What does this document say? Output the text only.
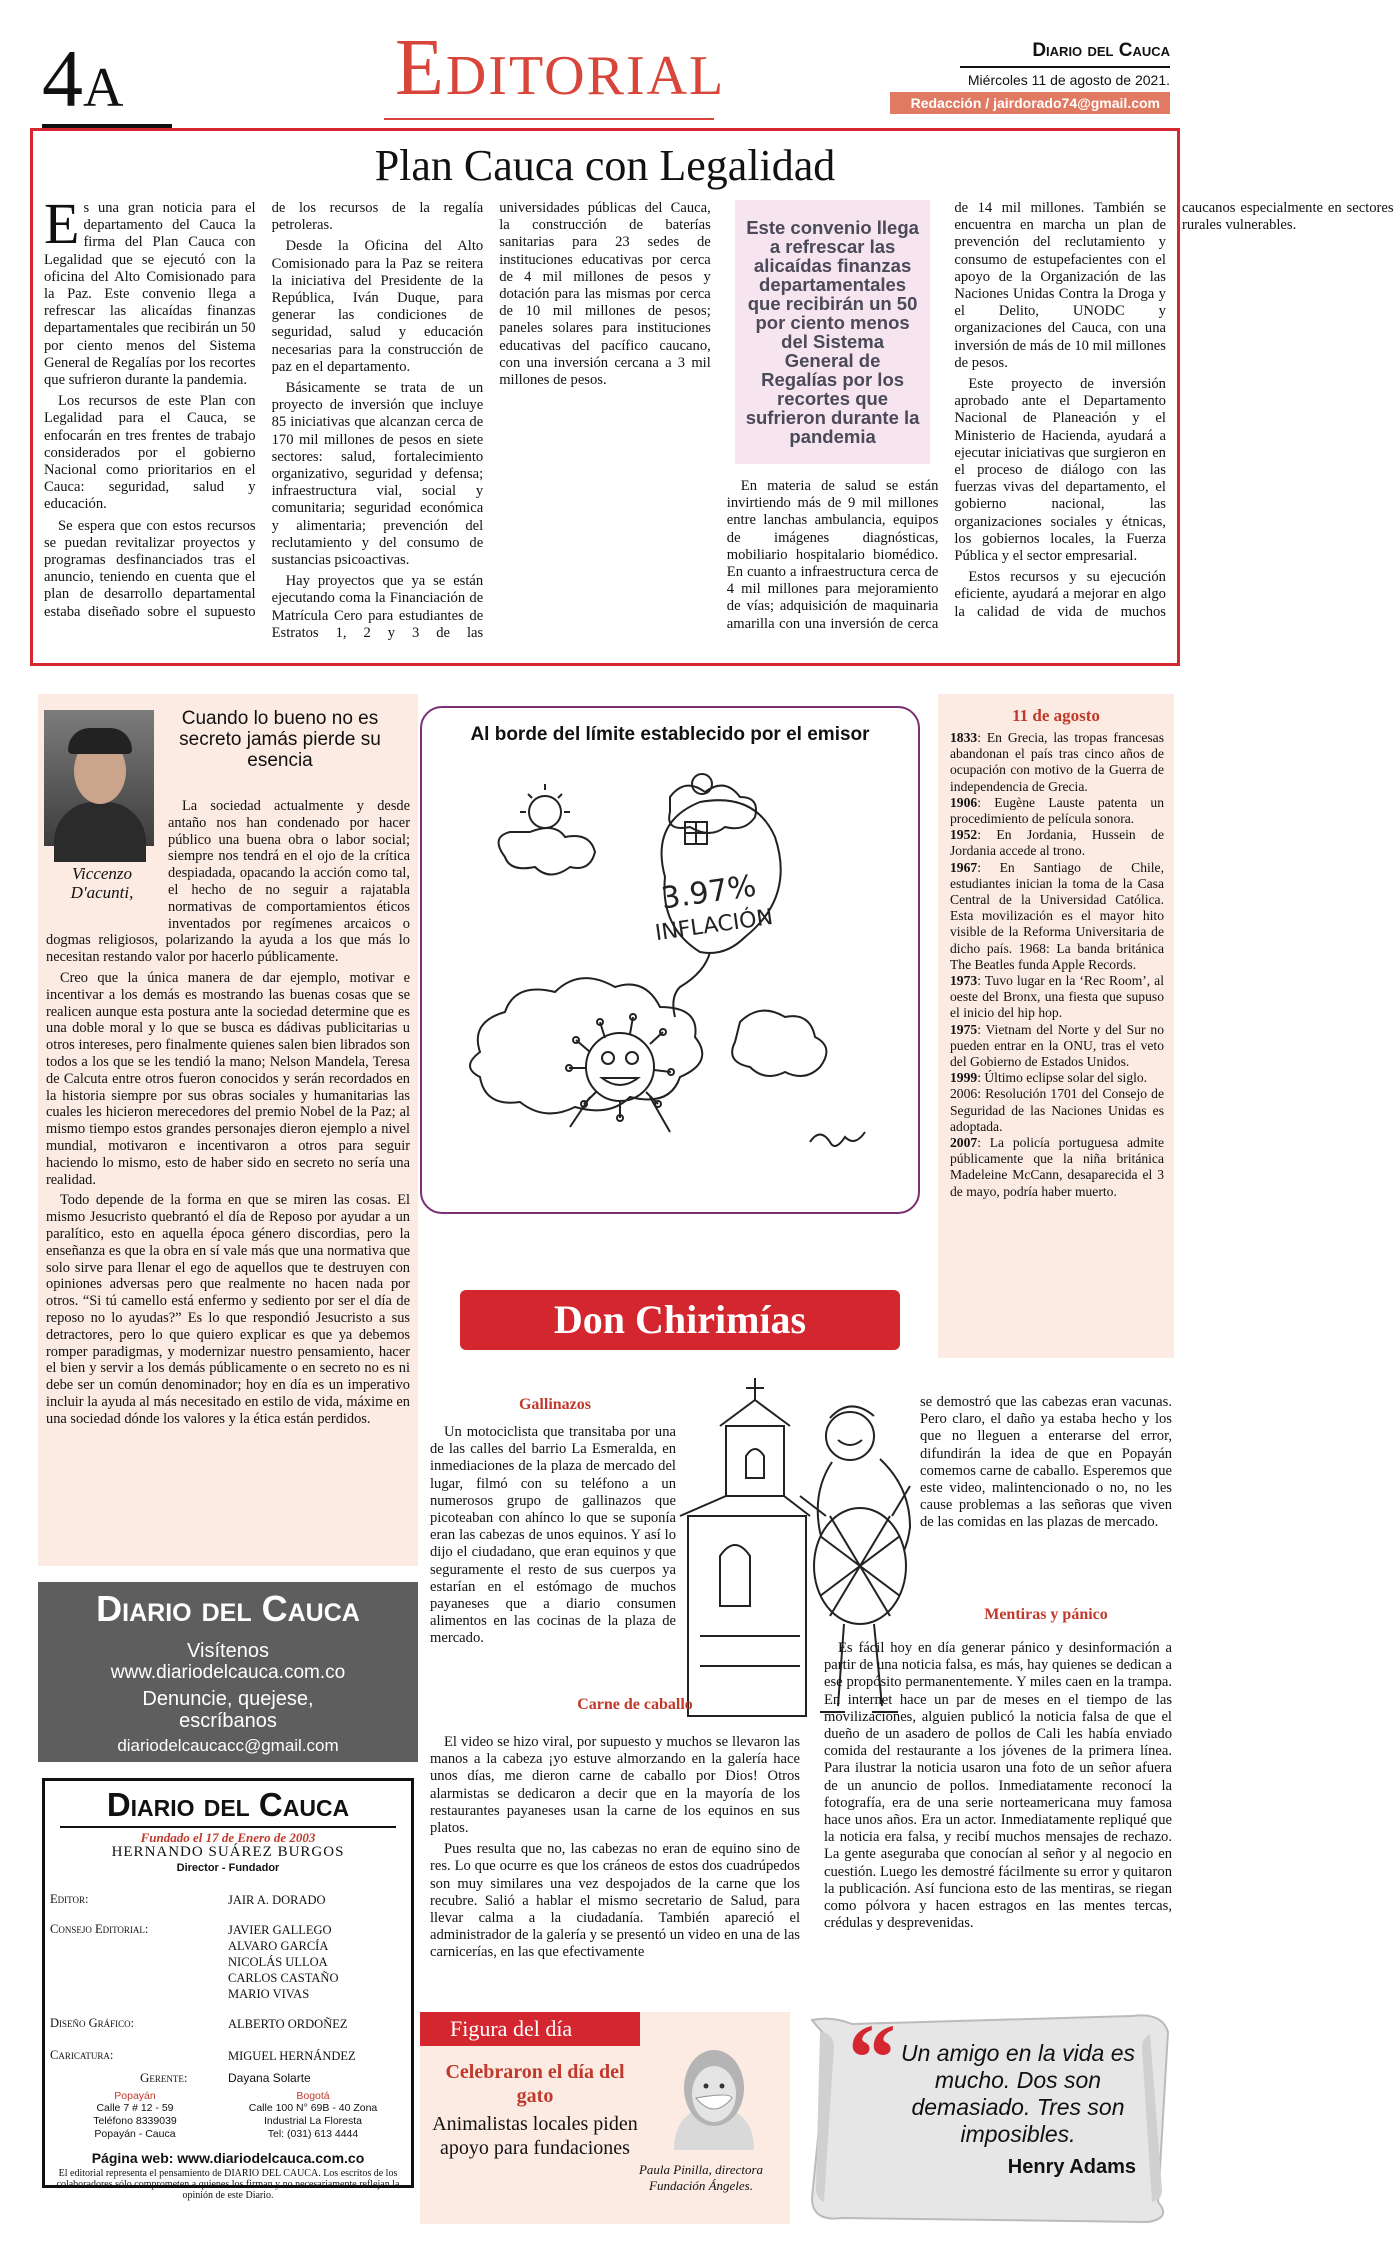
4A	Editorial	Diario del Cauca
Miércoles 11 de agosto de 2021.
Redacción / jairdorado74@gmail.com
Plan Cauca con Legalidad

Es una gran noticia para el departamento del Cauca la firma del Plan Cauca con Legalidad que se ejecutó con la oficina del Alto Comisionado para la Paz. Este convenio llega a refrescar las alicaídas finanzas departamentales que recibirán un 50 por ciento menos del Sistema General de Regalías por los recortes que sufrieron durante la pandemia.

Los recursos de este Plan con Legalidad para el Cauca, se enfocarán en tres frentes de trabajo considerados por el gobierno Nacional como prioritarios en el Cauca: seguridad, salud y educación.

Se espera que con estos recursos se puedan revitalizar proyectos y programas desfinanciados tras el anuncio, teniendo en cuenta que el plan de desarrollo departamental estaba diseñado sobre el supuesto de los recursos de la regalía petroleras.

Desde la Oficina del Alto Comisionado para la Paz se reitera la iniciativa del Presidente de la República, Iván Duque, para generar las condiciones de seguridad, salud y educación necesarias para la construcción de paz en el departamento.

Básicamente se trata de un proyecto de inversión que incluye 85 iniciativas que alcanzan cerca de 170 mil millones de pesos en siete sectores: salud, fortalecimiento organizativo, seguridad y defensa; infraestructura vial, social y comunitaria; seguridad económica y alimentaria; prevención del reclutamiento y del consumo de sustancias psicoactivas.

Hay proyectos que ya se están ejecutando coma la Financiación de Matrícula Cero para estudiantes de Estratos 1, 2 y 3 de las universidades públicas del Cauca, la construcción de baterías sanitarias para 23 sedes de instituciones educativas por cerca de 4 mil millones de pesos y dotación para las mismas por cerca de 10 mil millones de pesos; paneles solares para instituciones educativas del pacífico caucano, con una inversión cercana a 3 mil millones de pesos.

Este convenio llega a refrescar las alicaídas finanzas departamentales que recibirán un 50 por ciento menos del Sistema General de Regalías por los recortes que sufrieron durante la pandemia

En materia de salud se están invirtiendo más de 9 mil millones entre lanchas ambulancia, equipos de imágenes diagnósticas, mobiliario hospitalario biomédico. En cuanto a infraestructura cerca de 4 mil millones para mejoramiento de vías; adquisición de maquinaria amarilla con una inversión de cerca de 14 mil millones. También se encuentra en marcha un plan de prevención del reclutamiento y consumo de estupefacientes con el apoyo de la Organización de las Naciones Unidas Contra la Droga y el Delito, UNODC y organizaciones del Cauca, con una inversión de más de 10 mil millones de pesos.

Este proyecto de inversión aprobado ante el Departamento Nacional de Planeación y el Ministerio de Hacienda, ayudará a ejecutar iniciativas que surgieron en el proceso de diálogo con las fuerzas vivas del departamento, el gobierno nacional, las organizaciones sociales y étnicas, los gobiernos locales, la Fuerza Pública y el sector empresarial.

Estos recursos y su ejecución eficiente, ayudará a mejorar en algo la calidad de vida de muchos caucanos especialmente en sectores rurales vulnerables.

Viccenzo D'acunti,
Cuando lo bueno no es secreto jamás pierde su esencia

La sociedad actualmente y desde antaño nos han condenado por hacer público una buena obra o labor social; siempre nos tendrá en el ojo de la crítica despiadada, opacando la acción como tal, el hecho de no seguir a rajatabla normativas de comportamientos éticos inventados por regímenes arcaicos o dogmas religiosos, polarizando la ayuda a los que más lo necesitan restando valor por hacerlo públicamente.

Creo que la única manera de dar ejemplo, motivar e incentivar a los demás es mostrando las buenas cosas que se realicen aunque esta postura ante la sociedad determine que es una doble moral y lo que se busca es dádivas publicitarias u otros intereses, pero finalmente quienes salen bien librados son todos a los que se les tendió la mano; Nelson Mandela, Teresa de Calcuta entre otros fueron conocidos y serán recordados en la historia siempre por sus obras sociales y humanitarias las cuales les hicieron merecedores del premio Nobel de la Paz; al mismo tiempo estos grandes personajes dieron ejemplo a nivel mundial, motivaron e incentivaron a otros para seguir haciendo lo mismo, esto de haber sido en secreto no sería una realidad.

Todo depende de la forma en que se miren las cosas. El mismo Jesucristo quebrantó el día de Reposo por ayudar a un paralítico, esto en aquella época género discordias, pero la enseñanza es que la obra en sí vale más que una normativa que solo sirve para llenar el ego de aquellos que te destruyen con opiniones adversas pero que realmente no hacen nada por otros. “Si tú camello está enfermo y sediento por ser el día de reposo no lo ayudas?” Es lo que respondió Jesucristo a sus detractores, pero lo que quiero explicar es que ya debemos romper paradigmas, y modernizar nuestro pensamiento, hacer el bien y servir a los demás públicamente o en secreto no es ni debe ser un común denominador; hoy en día es un imperativo incluir la ayuda al más necesitado en estilo de vida, máxime en una sociedad dónde los valores y la ética están perdidos.

Diario del Cauca
Visítenos
www.diariodelcauca.com.co
Denuncie, quejese,
escríbanos
diariodelcaucacc@gmail.com
Diario del Cauca
Fundado el 17 de Enero de 2003
HERNANDO SUÁREZ BURGOS
Director - Fundador
Editor:	JAIR A. DORADO
Consejo Editorial:	JAVIER GALLEGO
ALVARO GARCÍA
NICOLÁS ULLOA
CARLOS CASTAÑO
MARIO VIVAS
Diseño Gráfico:	ALBERTO ORDOÑEZ
Caricatura:	MIGUEL HERNÁNDEZ
Gerente:	Dayana Solarte
Popayán
Calle 7 # 12 - 59
Teléfono 8339039
Popayán - Cauca
Bogotá
Calle 100 N° 69B - 40 Zona
Industrial La Floresta
Tel: (031) 613 4444
Página web: www.diariodelcauca.com.co
El editorial representa el pensamiento de DIARIO DEL CAUCA. Los escritos de los colaboradores sólo comprometen a quienes los firman y no necesariamente reflejan la opinión de este Diario.
Al borde del límite establecido por el emisor
3.97%
INFLACIÓN
11 de agosto

1833: En Grecia, las tropas francesas abandonan el país tras cinco años de ocupación con motivo de la Guerra de independencia de Grecia.

1906: Eugène Lauste patenta un procedimiento de película sonora.

1952: En Jordania, Hussein de Jordania accede al trono.

1967: En Santiago de Chile, estudiantes inician la toma de la Casa Central de la Universidad Católica. Esta movilización es el mayor hito visible de la Reforma Universitaria de dicho país. 1968: La banda británica The Beatles funda Apple Records.

1973: Tuvo lugar en la ‘Rec Room’, al oeste del Bronx, una fiesta que supuso el inicio del hip hop.

1975: Vietnam del Norte y del Sur no pueden entrar en la ONU, tras el veto del Gobierno de Estados Unidos.

1999: Último eclipse solar del siglo.

2006: Resolución 1701 del Consejo de Seguridad de las Naciones Unidas es adoptada.

2007: La policía portuguesa admite públicamente que la niña británica Madeleine McCann, desaparecida el 3 de mayo, podría haber muerto.

Don Chirimías
Gallinazos

Un motociclista que transitaba por una de las calles del barrio La Esmeralda, en inmediaciones de la plaza de mercado del lugar, filmó con su teléfono a un numerosos grupo de gallinazos que picoteaban con ahínco lo que se suponía eran las cabezas de unos equinos. Y así lo dijo el ciudadano, que eran equinos y que seguramente el resto de sus cuerpos ya estarían en el estómago de muchos payaneses que a diario consumen alimentos en las cocinas de la plaza de mercado.

Carne de caballo

El video se hizo viral, por supuesto y muchos se llevaron las manos a la cabeza ¡yo estuve almorzando en la galería hace unos días, me dieron carne de caballo por Dios! Otros alarmistas se dedicaron a decir que en la mayoría de los restaurantes payaneses usan la carne de los equinos en sus platos.

Pues resulta que no, las cabezas no eran de equino sino de res. Lo que ocurre es que los cráneos de estos dos cuadrúpedos son muy similares una vez despojados de la carne que los recubre. Salió a hablar el mismo secretario de Salud, para llevar calma a la ciudadanía. También apareció el administrador de la galería y se presentó un video en una de las carnicerías, en las que efectivamente

se demostró que las cabezas eran vacunas. Pero claro, el daño ya estaba hecho y los que no lleguen a enterarse del error, difundirán la idea de que en Popayán comemos carne de caballo. Esperemos que este video, malintencionado o no, no les cause problemas a las señoras que viven de las comidas en las plazas de mercado.

Mentiras y pánico

Es fácil hoy en día generar pánico y desinformación a partir de una noticia falsa, es más, hay quienes se dedican a ese propósito permanentemente. Y miles caen en la trampa. En internet hace un par de meses en el tiempo de las movilizaciones, alguien publicó la noticia falsa de que el dueño de un asadero de pollos de Cali les había enviado comida del restaurante a los jóvenes de la primera línea. Para ilustrar la noticia usaron una foto de un señor afuera de un anuncio de pollos. Inmediatamente reconocí la fotografía, era de una serie norteamericana muy famosa hace unos años. Era un actor. Inmediatamente repliqué que la noticia era falsa, y recibí muchos mensajes de rechazo. La gente aseguraba que conocían al señor y al negocio en cuestión. Luego les demostré fácilmente su error y quitaron la publicación. Así funciona esto de las mentiras, se riegan como pólvora y hacen estragos en las mentes tercas, crédulas y desprevenidas.

Figura del día
Celebraron el día del gato
Animalistas locales piden apoyo para fundaciones
Paula Pinilla, directora
Fundación Ángeles.
“ Un amigo en la vida es mucho. Dos son demasiado. Tres son imposibles.
Henry Adams
